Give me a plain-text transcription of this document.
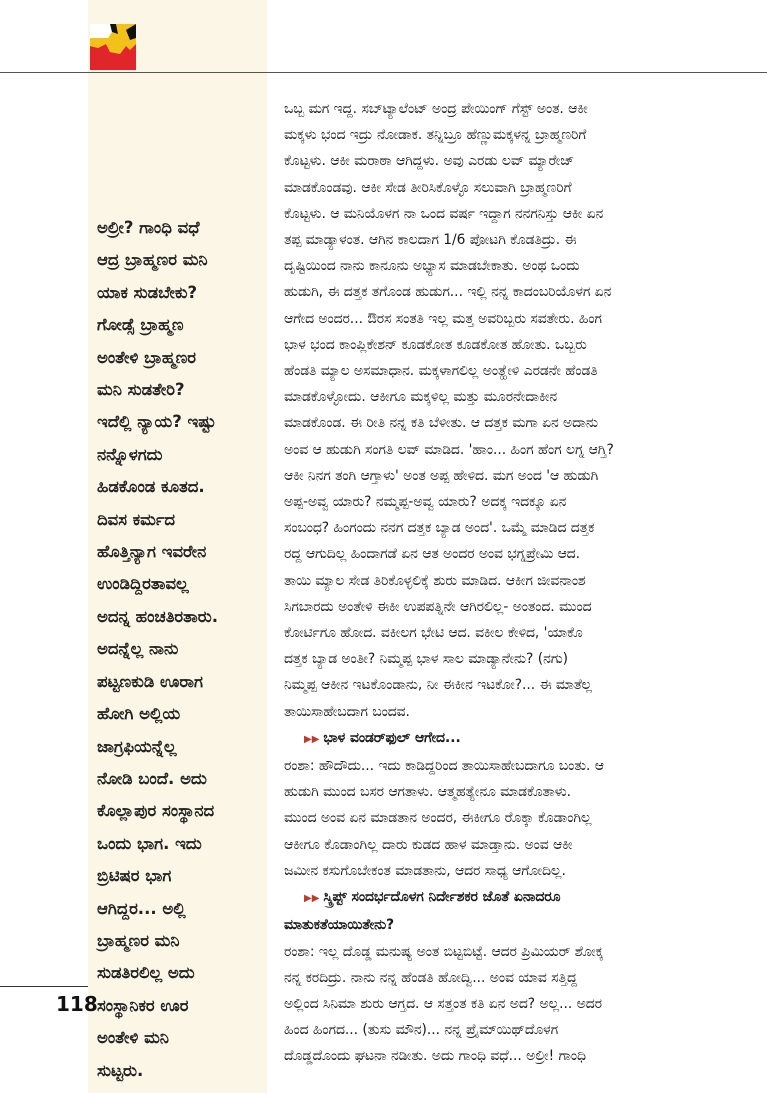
ಅಲ್ರೀ? ಗಾಂಧಿ ವಧೆ
ಆದ್ರ ಬ್ರಾಹ್ಮಣರ ಮನಿ
ಯಾಕ ಸುಡಬೇಕು?
ಗೋಡ್ಸೆ ಬ್ರಾಹ್ಮಣ
ಅಂತೇಳಿ ಬ್ರಾಹ್ಮಣರ
ಮನಿ ಸುಡತೇರಿ?
ಇದೆಲ್ಲಿ ನ್ಯಾಯ? ಇಷ್ಟು
ನನ್ನೊಳಗದು
ಹಿಡಕೊಂಡ ಕೂತದ.
ದಿವಸ ಕರ್ಮದ
ಹೊತ್ತಿನ್ಯಾಗ ಇವರೇನ
ಉಂಡಿದ್ದಿರತಾವಲ್ಲ
ಅದನ್ನ ಹಂಚತಿರತಾರು.
ಅದನ್ನೆಲ್ಲ ನಾನು
ಪಟ್ಟಣಕುಡಿ ಊರಾಗ
ಹೋಗಿ ಅಲ್ಲಿಯ
ಜಾಗ್ರಫಿಯನ್ನೆಲ್ಲ
ನೋಡಿ ಬಂದೆ. ಅದು
ಕೊಲ್ಲಾಪುರ ಸಂಸ್ಥಾನದ
ಒಂದು ಭಾಗ. ಇದು
ಬ್ರಿಟಿಷರ ಭಾಗ
ಆಗಿದ್ದರ... ಅಲ್ಲಿ
ಬ್ರಾಹ್ಮಣರ ಮನಿ
ಸುಡತಿರಲಿಲ್ಲ ಅದು
ಸಂಸ್ಥಾನಿಕರ ಊರ
ಅಂತೇಳಿ ಮನಿ
ಸುಟ್ಟರು.
118
ಒಬ್ಬ ಮಗ ಇದ್ದ. ಸಬ್‌ಟ್ಯಾಲೆಂಟ್ ಅಂದ್ರ ಪೇಯಿಂಗ್ ಗೆಸ್ಟ್ ಅಂತ. ಆಕೀ
ಮಕ್ಕಳು ಭಂದ ಇದ್ರು ನೋಡಾಕ. ತನ್ನಿಬ್ರೂ ಹೆಣ್ಣುಮಕ್ಕಳನ್ನ ಬ್ರಾಹ್ಮಣರಿಗೆ
ಕೊಟ್ಟಳು. ಆಕೀ ಮರಾಠಾ ಆಗಿದ್ದಳು. ಅವು ಎರಡು ಲವ್ ಮ್ಯಾರೇಜ್
ಮಾಡಕೊಂಡವು. ಆಕೀ ಸೇಡ ತೀರಿಸಿಕೊಳ್ಳೊ ಸಲುವಾಗಿ ಬ್ರಾಹ್ಮಣರಿಗೆ
ಕೊಟ್ಟಳು. ಆ ಮನಿಯೊಳಗ ನಾ ಒಂದ ವರ್ಷ ಇದ್ದಾಗ ನನಗನಿಸ್ತು ಆಕೀ ಏನ
ತಪ್ಪ ಮಾಡ್ಯಾಳಂತ. ಆಗಿನ ಕಾಲದಾಗ 1/6 ಪೋಟಗಿ ಕೊಡತಿದ್ರು. ಈ
ದೃಷ್ಟಿಯಿಂದ ನಾನು ಕಾನೂನು ಅಭ್ಯಾಸ ಮಾಡಬೇಕಾತು. ಅಂಥ ಒಂದು
ಹುಡುಗಿ, ಈ ದತ್ತಕ ತಗೊಂಡ ಹುಡುಗ... ಇಲ್ಲಿ ನನ್ನ ಕಾದಂಬರಿಯೊಳಗ ಏನ
ಆಗೇದ ಅಂದರ... ಔರಸ ಸಂತತಿ ಇಲ್ಲ ಮತ್ತ ಅವರಿಬ್ಬರು ಸವತೇರು. ಹಿಂಗ
ಭಾಳ ಭಂದ ಕಾಂಪ್ಲಿಕೇಶನ್ ಕೂಡಕೋತ ಕೂಡಕೋತ ಹೋತು. ಒಬ್ಬರು
ಹೆಂಡತಿ ಮ್ಯಾಲ ಅಸಮಾಧಾನ. ಮಕ್ಕಳಾಗಲಿಲ್ಲ ಅಂತ್ಹೇಳಿ ಎರಡನೇ ಹೆಂಡತಿ
ಮಾಡಕೊಳ್ಳೋದು. ಆಕೀಗೂ ಮಕ್ಕಳಿಲ್ಲ ಮತ್ತು ಮೂರನೇದಾಕೀನ
ಮಾಡಕೊಂಡ. ಈ ರೀತಿ ನನ್ನ ಕತಿ ಬೆಳೀತು. ಆ ದತ್ತಕ ಮಗಾ ಏನ ಅದಾನು
ಅಂವ ಆ ಹುಡುಗಿ ಸಂಗತಿ ಲವ್ ಮಾಡಿದ. 'ಹಾಂ... ಹಿಂಗ ಹೆಂಗ ಲಗ್ನ ಆಗ್ತಿ?
ಆಕೀ ನಿನಗ ತಂಗಿ ಆಗ್ತಾಳು' ಅಂತ ಅಪ್ಪ ಹೇಳಿದ. ಮಗ ಅಂದ 'ಆ ಹುಡುಗಿ
ಅಪ್ಪ-ಅವ್ವ ಯಾರು? ನಮ್ಮಪ್ಪ-ಅವ್ವ ಯಾರು? ಅದಕ್ಕ ಇದಕ್ಕೂ ಏನ
ಸಂಬಂಧ? ಹಿಂಗಂದು ನನಗ ದತ್ತಕ ಬ್ಯಾಡ ಅಂದ'. ಒಮ್ಮೆ ಮಾಡಿದ ದತ್ತಕ
ರದ್ದ ಆಗುದಿಲ್ಲ ಹಿಂದಾಗಡೆ ಏನ ಆತ ಅಂದರ ಅಂವ ಭಗ್ನಪ್ರೇಮಿ ಆದ.
ತಾಯಿ ಮ್ಯಾಲ ಸೇಡ ತಿರಿಕೊಳ್ಳಲಿಕ್ಕೆ ಶುರು ಮಾಡಿದ. ಆಕೀಗ ಜೀವನಾಂಶ
ಸಿಗಬಾರದು ಅಂತೇಳಿ ಈಕೀ ಉಪಪತ್ನಿನೇ ಆಗಿರಲಿಲ್ಲ- ಅಂತಂದ. ಮುಂದ
ಕೋರ್ಟಿಗೂ ಹೋದ. ವಕೀಲಗ ಭೇಟಿ ಆದ. ವಕೀಲ ಕೇಳಿದ, 'ಯಾಕೊ
ದತ್ತಕ ಬ್ಯಾಡ ಅಂತೀ? ನಿಮ್ಮಪ್ಪ ಭಾಳ ಸಾಲ ಮಾಡ್ಯಾನೇನು? (ನಗು)
ನಿಮ್ಮಪ್ಪ ಆಕೀನ ಇಟಕೊಂಡಾನು, ನೀ ಈಕೀನ ಇಟಕೋ?... ಈ ಮಾತೆಲ್ಲ
ತಾಯಿಸಾಹೇಬದಾಗ ಬಂದವ.
▶▶ ಭಾಳ ವಂಡರ್‌ಫುಲ್ ಆಗೇದ...
ರಂಶಾ: ಹೌದೌದು... ಇದು ಕಾಡಿದ್ದರಿಂದ ತಾಯಿಸಾಹೇಬದಾಗೂ ಬಂತು. ಆ
ಹುಡುಗಿ ಮುಂದ ಬಸರ ಆಗತಾಳು. ಆತ್ಮಹತ್ಯೇನೂ ಮಾಡಕೊತಾಳು.
ಮುಂದ ಅಂವ ಏನ ಮಾಡತಾನ ಅಂದರ, ಈಕೀಗೂ ರೊಕ್ಕಾ ಕೊಡಾಂಗಿಲ್ಲ
ಆಕೀಗೂ ಕೊಡಾಂಗಿಲ್ಲ ದಾರು ಕುಡದ ಹಾಳ ಮಾಡ್ತಾನು. ಅಂವ ಆಕೀ
ಜಮೀನ ಕಸುಗೊಬೇಕಂತ ಮಾಡತಾನು, ಆದರ ಸಾಧ್ಯ ಆಗೋದಿಲ್ಲ.
▶▶ ಸ್ಕ್ರಿಪ್ಟ್ ಸಂದರ್ಭದೊಳಗ ನಿರ್ದೇಶಕರ ಜೊತೆ ಏನಾದರೂ
ಮಾತುಕತೆಯಾಯಿತೇನು?
ರಂಶಾ: ಇಲ್ಲ ದೊಡ್ಡ ಮನುಷ್ಯ ಅಂತ ಬಿಟ್ಟಬಿಟ್ಟೆ. ಆದರ ಪ್ರಿಮಿಯರ್ ಶೋಕ್ಕ
ನನ್ನ ಕರದಿದ್ರು. ನಾನು ನನ್ನ ಹೆಂಡತಿ ಹೋದ್ವಿ... ಅಂವ ಯಾವ ಸತ್ತಿದ್ದ
ಅಲ್ಲಿಂದ ಸಿನಿಮಾ ಶುರು ಆಗ್ತದ. ಆ ಸತ್ತಂತ ಕತಿ ಏನ ಅದ? ಅಲ್ಲ... ಅದರ
ಹಿಂದ ಹಿಂಗದ... (ತುಸು ಮೌನ)... ನನ್ನ ಪ್ರೈಮ್‌ಯಿಥ್‌ದೊಳಗ
ದೊಡ್ಡದೊಂದು ಘಟನಾ ನಡೀತು. ಅದು ಗಾಂಧಿ ವಧೆ... ಅಲ್ರೀ! ಗಾಂಧಿ
